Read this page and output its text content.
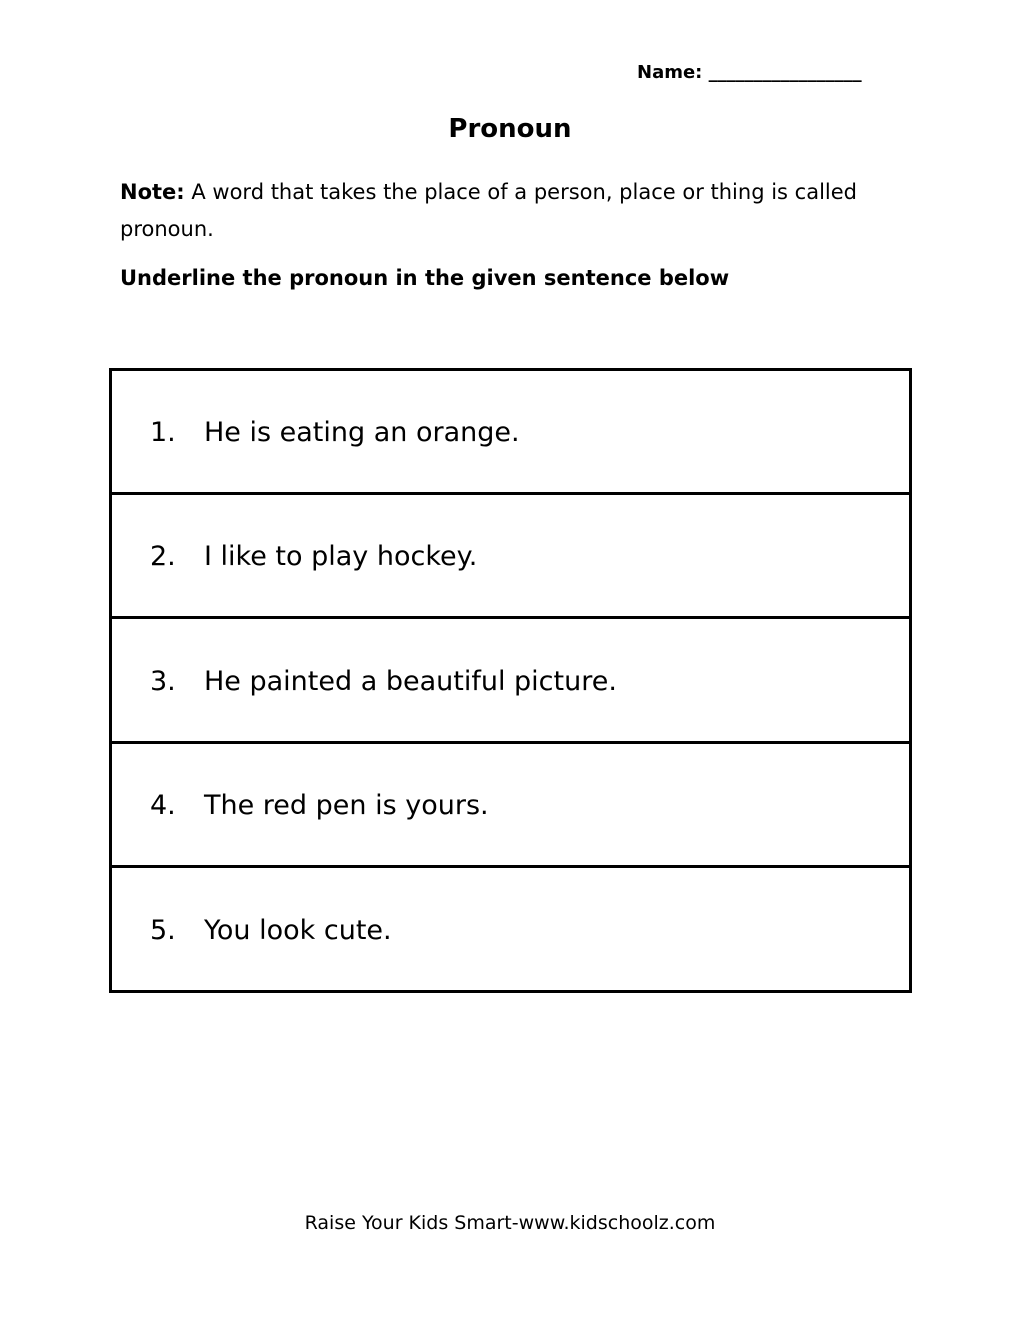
Name: _________________
Pronoun
Note: A word that takes the place of a person, place or thing is called pronoun.
Underline the pronoun in the given sentence below
1. He is eating an orange.
2. I like to play hockey.
3. He painted a beautiful picture.
4. The red pen is yours.
5. You look cute.
Raise Your Kids Smart-www.kidschoolz.com
